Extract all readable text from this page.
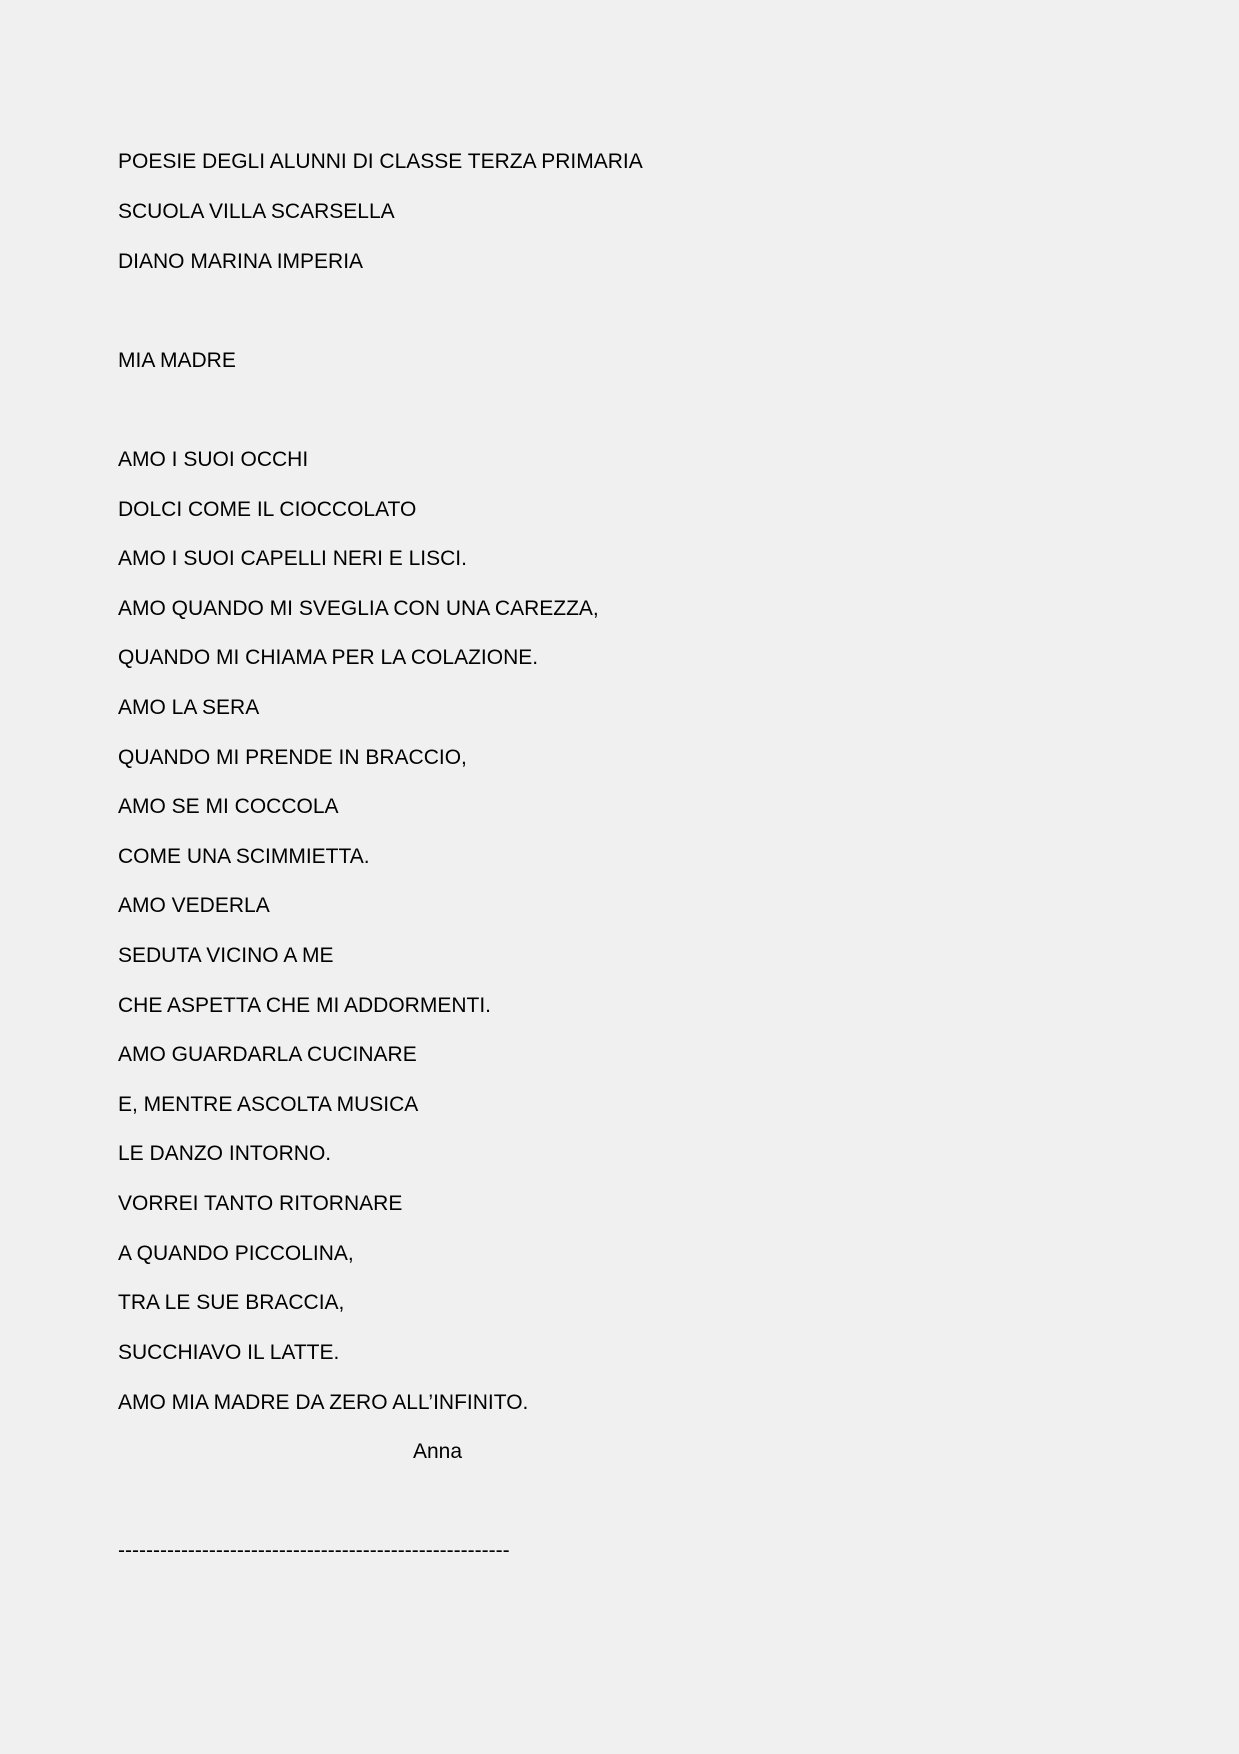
POESIE DEGLI ALUNNI DI CLASSE TERZA PRIMARIA
SCUOLA VILLA SCARSELLA
DIANO MARINA IMPERIA
MIA MADRE
AMO I SUOI OCCHI
DOLCI COME IL CIOCCOLATO
AMO I SUOI CAPELLI NERI E LISCI.
AMO QUANDO MI SVEGLIA CON UNA CAREZZA,
QUANDO MI CHIAMA PER LA COLAZIONE.
AMO LA SERA
QUANDO MI PRENDE IN BRACCIO,
AMO SE MI COCCOLA
COME UNA SCIMMIETTA.
AMO VEDERLA
SEDUTA VICINO A ME
CHE ASPETTA CHE MI ADDORMENTI.
AMO GUARDARLA CUCINARE
E, MENTRE ASCOLTA MUSICA
LE DANZO INTORNO.
VORREI TANTO RITORNARE
A QUANDO PICCOLINA,
TRA LE SUE BRACCIA,
SUCCHIAVO IL LATTE.
AMO MIA MADRE DA ZERO ALL’INFINITO.
Anna
--------------------------------------------------------
